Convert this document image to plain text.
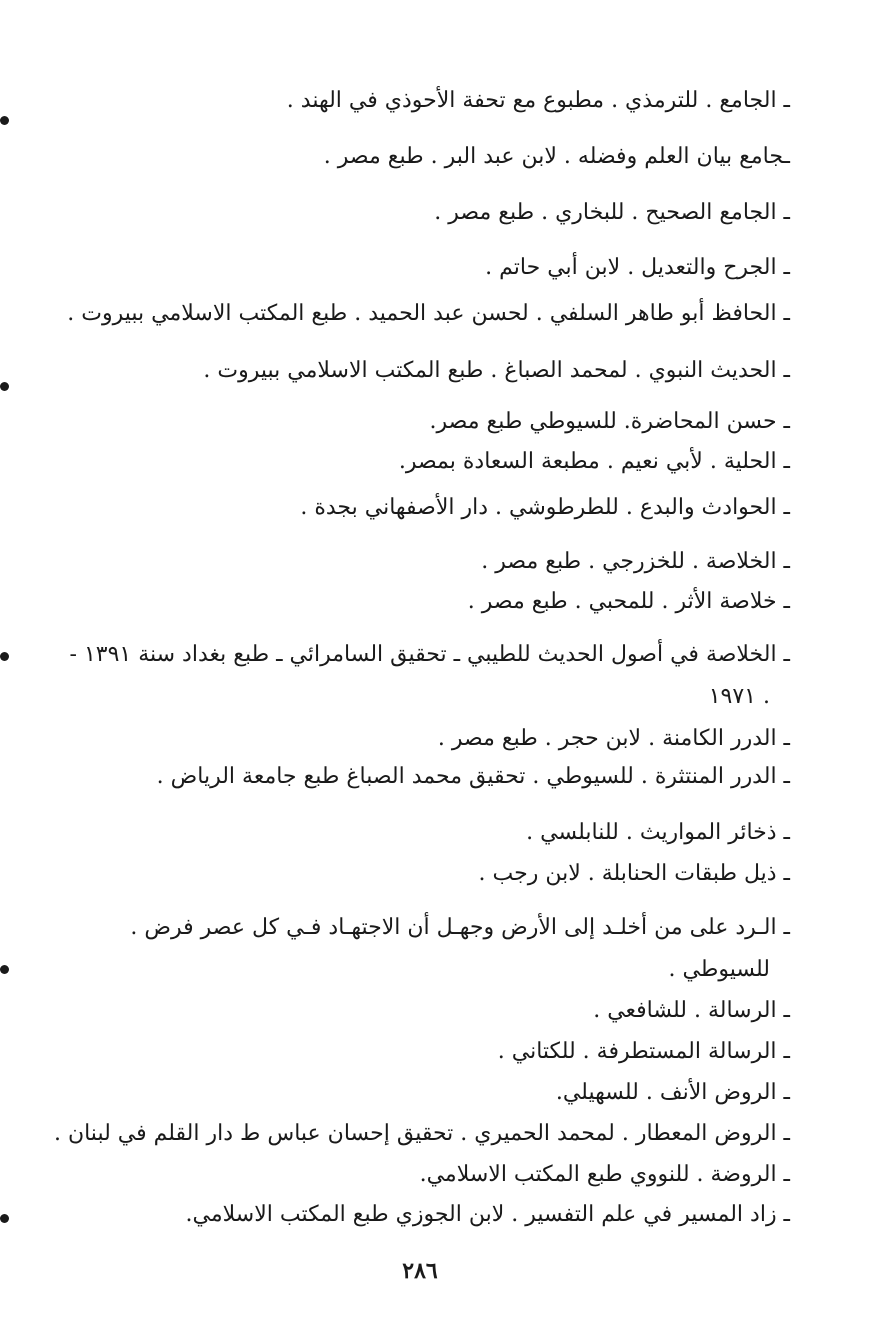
ـ الجامع . للترمذي . مطبوع مع تحفة الأحوذي في الهند .
ـجامع بيان العلم وفضله . لابن عبد البر . طبع مصر .
ـ الجامع الصحيح . للبخاري . طبع مصر .
ـ الجرح والتعديل . لابن أبي حاتم .
ـ الحافظ أبو طاهر السلفي . لحسن عبد الحميد . طبع المكتب الاسلامي ببيروت .
ـ الحديث النبوي . لمحمد الصباغ . طبع المكتب الاسلامي ببيروت .
ـ حسن المحاضرة. للسيوطي طبع مصر.
ـ الحلية . لأبي نعيم . مطبعة السعادة بمصر.
ـ الحوادث والبدع . للطرطوشي . دار الأصفهاني بجدة .
ـ الخلاصة . للخزرجي . طبع مصر .
ـ خلاصة الأثر . للمحبي . طبع مصر .
ـ الخلاصة في أصول الحديث للطيبي ـ تحقيق السامرائي ـ طبع بغداد سنة ١٣٩١ -
. ١٩٧١
ـ الدرر الكامنة . لابن حجر . طبع مصر .
ـ الدرر المنتثرة . للسيوطي . تحقيق محمد الصباغ طبع جامعة الرياض .
ـ ذخائر المواريث . للنابلسي .
ـ ذيل طبقات الحنابلة . لابن رجب .
ـ الـرد على من أخلـد إلى الأرض وجهـل أن الاجتهـاد فـي كل عصر فرض .
للسيوطي .
ـ الرسالة . للشافعي .
ـ الرسالة المستطرفة . للكتاني .
ـ الروض الأنف . للسهيلي.
ـ الروض المعطار . لمحمد الحميري . تحقيق إحسان عباس ط دار القلم في لبنان .
ـ الروضة . للنووي طبع المكتب الاسلامي.
ـ زاد المسير في علم التفسير . لابن الجوزي طبع المكتب الاسلامي.
٢٨٦
